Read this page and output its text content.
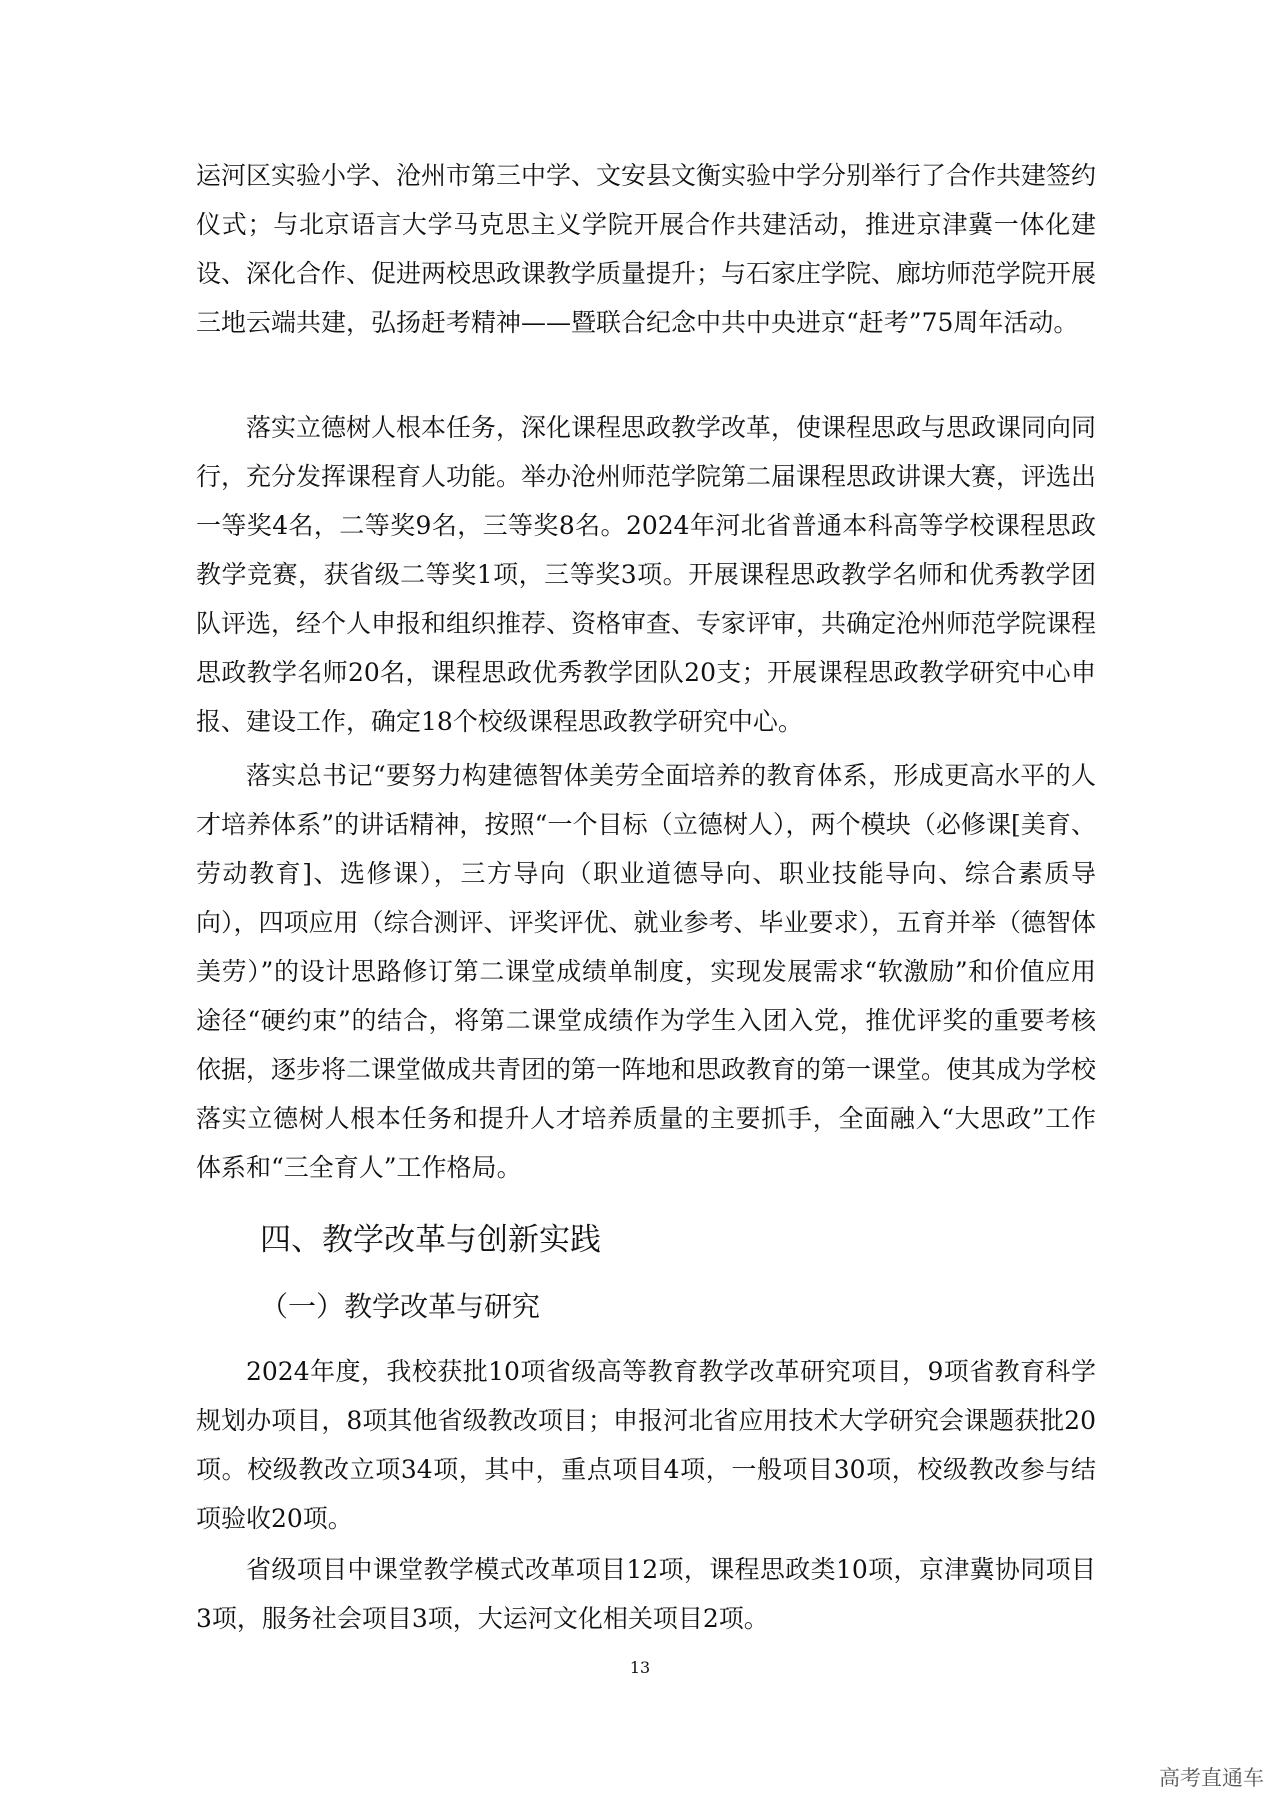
运河区实验小学、沧州市第三中学、文安县文衡实验中学分别举行了合作共建签约仪式；与北京语言大学马克思主义学院开展合作共建活动，推进京津冀一体化建设、深化合作、促进两校思政课教学质量提升；与石家庄学院、廊坊师范学院开展三地云端共建，弘扬赶考精神——暨联合纪念中共中央进京“赶考”75周年活动。
落实立德树人根本任务，深化课程思政教学改革，使课程思政与思政课同向同行，充分发挥课程育人功能。举办沧州师范学院第二届课程思政讲课大赛，评选出一等奖4名，二等奖9名，三等奖8名。2024年河北省普通本科高等学校课程思政教学竞赛，获省级二等奖1项，三等奖3项。开展课程思政教学名师和优秀教学团队评选，经个人申报和组织推荐、资格审查、专家评审，共确定沧州师范学院课程思政教学名师20名，课程思政优秀教学团队20支；开展课程思政教学研究中心申报、建设工作，确定18个校级课程思政教学研究中心。
落实总书记“要努力构建德智体美劳全面培养的教育体系，形成更高水平的人才培养体系”的讲话精神，按照“一个目标（立德树人），两个模块（必修课[美育、劳动教育]、选修课），三方导向（职业道德导向、职业技能导向、综合素质导向），四项应用（综合测评、评奖评优、就业参考、毕业要求），五育并举（德智体美劳）”的设计思路修订第二课堂成绩单制度，实现发展需求“软激励”和价值应用途径“硬约束”的结合，将第二课堂成绩作为学生入团入党，推优评奖的重要考核依据，逐步将二课堂做成共青团的第一阵地和思政教育的第一课堂。使其成为学校落实立德树人根本任务和提升人才培养质量的主要抓手，全面融入“大思政”工作体系和“三全育人”工作格局。
四、教学改革与创新实践
（一）教学改革与研究
2024年度，我校获批10项省级高等教育教学改革研究项目，9项省教育科学规划办项目，8项其他省级教改项目；申报河北省应用技术大学研究会课题获批20项。校级教改立项34项，其中，重点项目4项，一般项目30项，校级教改参与结项验收20项。
省级项目中课堂教学模式改革项目12项，课程思政类10项，京津冀协同项目3项，服务社会项目3项，大运河文化相关项目2项。
13
高考直通车
